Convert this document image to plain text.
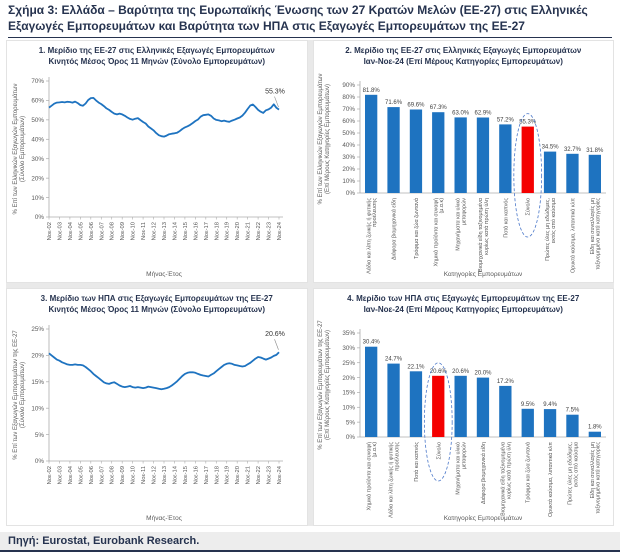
Σχήμα 3: Ελλάδα – Βαρύτητα της Ευρωπαϊκής Ένωσης των 27 Κρατών Μελών (ΕΕ-27) στις Ελληνικές Εξαγωγές Εμπορευμάτων και Βαρύτητα των ΗΠΑ στις Εξαγωγές Εμπορευμάτων της ΕΕ-27
1. Μερίδιο της ΕΕ-27 στις Ελληνικές Εξαγωγές Εμπορευμάτων
Κινητός Μέσος Όρος 11 Μηνών (Σύνολο Εμπορευμάτων)
0%
10%
20%
30%
40%
50%
60%
70%
Νοε-02 Νοε-03 Νοε-04 Νοε-05 Νοε-06 Νοε-07 Νοε-08 Νοε-09 Νοε-10 Νοε-11 Νοε-12 Νοε-13 Νοε-14 Νοε-15 Νοε-16 Νοε-17 Νοε-18 Νοε-19 Νοε-20 Νοε-21 Νοε-22 Νοε-23 Νοε-24
Μήνας-Έτος
% Επί των Ελληνικών Εξαγωγών Εμπορευμάτων (Σύνολο Εμπορευμάτων)
55.3%
2. Μερίδιο της ΕΕ-27 στις Ελληνικές Εξαγωγές Εμπορευμάτων
Ιαν-Νοε-24 (Επί Μέρους Κατηγορίες Εμπορευμάτων)
0%
10%
20%
30%
40%
50%
60%
70%
80%
90%
81.8%
71.6% 69.6% 67.3%
63.0% 62.9%
57.2% 55.3%
34.5% 32.7% 31.8%
Λάδια και λίπη ζωικής ή φυτικής προέλευσης Διάφορα βιομηχανικά είδη	Τρόφιμα και ζώα ζωντανά Χημικά προϊόντα και συναφή (μ.α.κ) Μηχανήματα και υλικό μεταφορών Βιομηχανικά είδη ταξινομημένα κυρίως κατά πρώτη ύλη Ποτά και καπνός	Σύνολο Πρώτες ύλες μη εδώδιμες, εκτός από καύσιμα Ορυκτά καύσιμα, λιπαντικά κλπ Είδη και συναλλαγές μη ταξινομημένα κατά κατηγορίες
Κατηγορίες Εμπορευμάτων
% Επί των Ελληνικών Εξαγωγών Εμπορευμάτων (Επί Μέρους Κατηγορίες Εμπορευμάτων)
3. Μερίδιο των ΗΠΑ στις Εξαγωγές Εμπορευμάτων της ΕΕ-27
Κινητός Μέσος Όρος 11 Μηνών (Σύνολο Εμπορευμάτων)
0%
5%
10%
15%
20%
25%
Νοε-02 Νοε-03 Νοε-04 Νοε-05 Νοε-06 Νοε-07 Νοε-08 Νοε-09 Νοε-10 Νοε-11 Νοε-12 Νοε-13 Νοε-14 Νοε-15 Νοε-16 Νοε-17 Νοε-18 Νοε-19 Νοε-20 Νοε-21 Νοε-22 Νοε-23 Νοε-24
Μήνας-Έτος
% Επί των Εξαγωγών Εμπορευμάτων της ΕΕ-27 (Σύνολο Εμπορευμάτων)
20.6%
4. Μερίδιο των ΗΠΑ στις Εξαγωγές Εμπορευμάτων της ΕΕ-27
Ιαν-Νοε-24 (Επί Μέρους Κατηγορίες Εμπορευμάτων)
0%
5%
10%
15%
20%
25%
30%
35%
30.4%
24.7%
22.1%
20.6% 20.6% 20.0%
17.2%
9.5% 9.4%
7.5%
1.8%
Χημικά προϊόντα και συναφή (μ.α.κ) Λάδια και λίπη ζωικής ή φυτικής προέλευσης Ποτά και καπνός	Σύνολο Μηχανήματα και υλικό μεταφορών Διάφορα βιομηχανικά είδη Βιομηχανικά είδη ταξινομημένα κυρίως κατά πρώτη ύλη Τρόφιμα και ζώα ζωντανά	Ορυκτά καύσιμα, λιπαντικά κλπ Πρώτες ύλες μη εδώδιμες, εκτός από καύσιμα Είδη και συναλλαγές μη ταξινομημένα κατά κατηγορίες
Κατηγορίες Εμπορευμάτων
% Επί των Εξαγωγών Εμπορευμάτων της ΕΕ-27 (Επί Μέρους Κατηγορίες Εμπορευμάτων)
Πηγή: Eurostat, Eurobank Research.
